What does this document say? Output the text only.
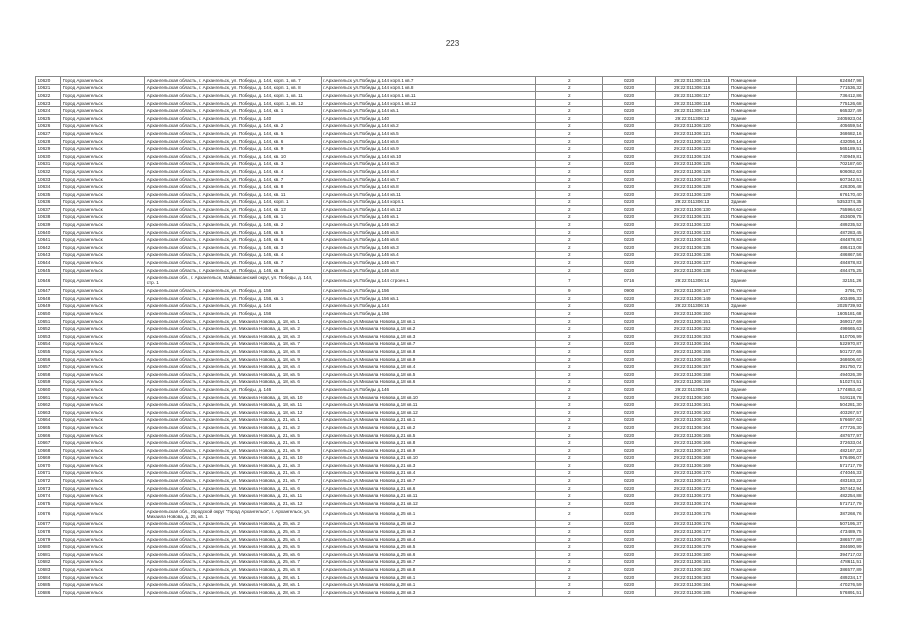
223
10620	Город Архангельск	Архангельская область, г. Архангельск, ул. Победы, д. 144, корп. 1, кв. 7	г.Архангельск ул.Победы д.144 корп.1 кв.7	2	0220	29:22:011306:115	Помещение	624847,98
10621	Город Архангельск	Архангельская область, г. Архангельск, ул. Победы, д. 144, корп. 1, кв. 8	г.Архангельск ул.Победы д.144 корп.1 кв.8	2	0220	29:22:011306:116	Помещение	771536,32
10622	Город Архангельск	Архангельская область, г. Архангельск, ул. Победы, д. 144, корп. 1, кв. 11	г.Архангельск ул.Победы д.144 корп.1 кв.11	2	0220	29:22:011306:117	Помещение	736412,86
10623	Город Архангельск	Архангельская область, г. Архангельск, ул. Победы, д. 144, корп. 1, кв. 12	г.Архангельск ул.Победы д.144 корп.1 кв.12	2	0220	29:22:011306:118	Помещение	775126,68
10624	Город Архангельск	Архангельская область, г. Архангельск, ул. Победы, д. 144, кв. 1	г.Архангельск ул.Победы д.144 кв.1	2	0220	29:22:011306:119	Помещение	665327,49
10625	Город Архангельск	Архангельская область, г. Архангельск, ул. Победы, д. 140	г.Архангельск ул.Победы д.140	2	0220	29:22:011306:12	Здание	2405923,04
10626	Город Архангельск	Архангельская область, г. Архангельск, ул. Победы, д. 144, кв. 2	г.Архангельск ул.Победы д.144 кв.2	2	0220	29:22:011306:120	Помещение	405659,54
10627	Город Архангельск	Архангельская область, г. Архангельск, ул. Победы, д. 144, кв. 5	г.Архангельск ул.Победы д.144 кв.5	2	0220	29:22:011306:121	Помещение	368682,16
10628	Город Архангельск	Архангельская область, г. Архангельск, ул. Победы, д. 144, кв. 6	г.Архангельск ул.Победы д.144 кв.6	2	0220	29:22:011306:122	Помещение	432056,14
10629	Город Архангельск	Архангельская область, г. Архангельск, ул. Победы, д. 144, кв. 9	г.Архангельск ул.Победы д.144 кв.9	2	0220	29:22:011306:123	Помещение	565189,51
10630	Город Архангельск	Архангельская область, г. Архангельск, ул. Победы, д. 144, кв. 10	г.Архангельск ул.Победы д.144 кв.10	2	0220	29:22:011306:124	Помещение	740949,81
10631	Город Архангельск	Архангельская область, г. Архангельск, ул. Победы, д. 144, кв. 3	г.Архангельск ул.Победы д.144 кв.3	2	0220	29:22:011306:125	Помещение	702187,60
10632	Город Архангельск	Архангельская область, г. Архангельск, ул. Победы, д. 144, кв. 4	г.Архангельск ул.Победы д.144 кв.4	2	0220	29:22:011306:126	Помещение	606062,63
10633	Город Архангельск	Архангельская область, г. Архангельск, ул. Победы, д. 144, кв. 7	г.Архангельск ул.Победы д.144 кв.7	2	0220	29:22:011306:127	Помещение	607342,51
10634	Город Архангельск	Архангельская область, г. Архангельск, ул. Победы, д. 144, кв. 8	г.Архангельск ул.Победы д.144 кв.8	2	0220	29:22:011306:128	Помещение	426306,48
10635	Город Архангельск	Архангельская область, г. Архангельск, ул. Победы, д. 144, кв. 11	г.Архангельск ул.Победы д.144 кв.11	2	0220	29:22:011306:129	Помещение	676170,40
10636	Город Архангельск	Архангельская область, г. Архангельск, ул. Победы, д. 144, корп. 1	г.Архангельск ул.Победы д.144 корп.1	2	0220	29:22:011306:13	Здание	5353374,35
10637	Город Архангельск	Архангельская область, г. Архангельск, ул. Победы, д. 144, кв. 12	г.Архангельск ул.Победы д.144 кв.12	2	0220	29:22:011306:130	Помещение	755964,62
10638	Город Архангельск	Архангельская область, г. Архангельск, ул. Победы, д. 146, кв. 1	г.Архангельск ул.Победы д.146 кв.1	2	0220	29:22:011306:131	Помещение	453609,75
10639	Город Архангельск	Архангельская область, г. Архангельск, ул. Победы, д. 146, кв. 2	г.Архангельск ул.Победы д.146 кв.2	2	0220	29:22:011306:132	Помещение	489235,52
10640	Город Архангельск	Архангельская область, г. Архангельск, ул. Победы, д. 146, кв. 5	г.Архангельск ул.Победы д.146 кв.5	2	0220	29:22:011306:133	Помещение	487283,45
10641	Город Архангельск	Архангельская область, г. Архангельск, ул. Победы, д. 146, кв. 6	г.Архангельск ул.Победы д.146 кв.6	2	0220	29:22:011306:134	Помещение	484878,83
10642	Город Архангельск	Архангельская область, г. Архангельск, ул. Победы, д. 146, кв. 3	г.Архангельск ул.Победы д.146 кв.3	2	0220	29:22:011306:135	Помещение	486413,08
10643	Город Архангельск	Архангельская область, г. Архангельск, ул. Победы, д. 146, кв. 4	г.Архангельск ул.Победы д.146 кв.4	2	0220	29:22:011306:136	Помещение	486867,56
10644	Город Архангельск	Архангельская область, г. Архангельск, ул. Победы, д. 146, кв. 7	г.Архангельск ул.Победы д.146 кв.7	2	0220	29:22:011306:137	Помещение	484878,83
10645	Город Архангельск	Архангельская область, г. Архангельск, ул. Победы, д. 146, кв. 8	г.Архангельск ул.Победы д.146 кв.8	2	0220	29:22:011306:138	Помещение	484475,25
10646	Город Архангельск	Архангельская обл., г. Архангельск, Маймаксанский округ, ул. Победы, д. 144, стр. 1	г.Архангельск ул.Победы д.144 строен.1	7	0716	29:22:011306:14	Здание	32151,26
10647	Город Архангельск	Архангельская область, г. Архангельск, ул. Победы, д. 156	г.Архангельск ул.Победы д.156	9	0900	29:22:011306:147	Помещение	3791,70
10648	Город Архангельск	Архангельская область, г. Архангельск, ул. Победы, д. 156, кв. 1	г.Архангельск ул.Победы д.156 кв.1	2	0220	29:22:011306:149	Помещение	403495,33
10649	Город Архангельск	Архангельская область, г. Архангельск, ул. Победы, д. 144	г.Архангельск ул.Победы д.144	2	0220	29:22:011306:15	Здание	2025739,93
10650	Город Архангельск	Архангельская область, г. Архангельск, ул. Победы, д. 156	г.Архангельск ул.Победы д.156	2	0220	29:22:011306:150	Помещение	1605181,68
10651	Город Архангельск	Архангельская область, г. Архангельск, ул. Михаила Новова, д. 18, кв. 1	г.Архангельск ул.Михаила Новова д.18 кв.1	2	0220	29:22:011306:151	Помещение	369017,69
10652	Город Архангельск	Архангельская область, г. Архангельск, ул. Михаила Новова, д. 18, кв. 2	г.Архангельск ул.Михаила Новова д.18 кв.2	2	0220	29:22:011306:152	Помещение	498665,63
10653	Город Архангельск	Архангельская область, г. Архангельск, ул. Михаила Новова, д. 18, кв. 3	г.Архангельск ул.Михаила Новова д.18 кв.3	2	0220	29:22:011306:153	Помещение	510706,99
10654	Город Архангельск	Архангельская область, г. Архангельск, ул. Михаила Новова, д. 18, кв. 7	г.Архангельск ул.Михаила Новова д.18 кв.7	2	0220	29:22:011306:154	Помещение	522970,87
10655	Город Архангельск	Архангельская область, г. Архангельск, ул. Михаила Новова, д. 18, кв. 8	г.Архангельск ул.Михаила Новова д.18 кв.8	2	0220	29:22:011306:155	Помещение	501727,65
10656	Город Архангельск	Архангельская область, г. Архангельск, ул. Михаила Новова, д. 18, кв. 9	г.Архангельск ул.Михаила Новова д.18 кв.9	2	0220	29:22:011306:156	Помещение	368606,60
10657	Город Архангельск	Архангельская область, г. Архангельск, ул. Михаила Новова, д. 18, кв. 4	г.Архангельск ул.Михаила Новова д.18 кв.4	2	0220	29:22:011306:157	Помещение	391750,72
10658	Город Архангельск	Архангельская область, г. Архангельск, ул. Михаила Новова, д. 18, кв. 5	г.Архангельск ул.Михаила Новова д.18 кв.5	2	0220	29:22:011306:158	Помещение	494026,39
10659	Город Архангельск	Архангельская область, г. Архангельск, ул. Михаила Новова, д. 18, кв. 6	г.Архангельск ул.Михаила Новова д.18 кв.6	2	0220	29:22:011306:159	Помещение	510274,51
10660	Город Архангельск	Архангельская область, г. Архангельск, ул. Победы, д. 146	г.Архангельск ул.Победы д.146	2	0220	29:22:011306:16	Здание	1774853,42
10661	Город Архангельск	Архангельская область, г. Архангельск, ул. Михаила Новова, д. 18, кв. 10	г.Архангельск ул.Михаила Новова д.18 кв.10	2	0220	29:22:011306:160	Помещение	519118,78
10662	Город Архангельск	Архангельская область, г. Архангельск, ул. Михаила Новова, д. 18, кв. 11	г.Архангельск ул.Михаила Новова д.18 кв.11	2	0220	29:22:011306:161	Помещение	504281,30
10663	Город Архангельск	Архангельская область, г. Архангельск, ул. Михаила Новова, д. 18, кв. 12	г.Архангельск ул.Михаила Новова д.18 кв.12	2	0220	29:22:011306:162	Помещение	403267,57
10664	Город Архангельск	Архангельская область, г. Архангельск, ул. Михаила Новова, д. 21, кв. 1	г.Архангельск ул.Михаила Новова д.21 кв.1	2	0220	29:22:011306:163	Помещение	576697,63
10665	Город Архангельск	Архангельская область, г. Архангельск, ул. Михаила Новова, д. 21, кв. 2	г.Архангельск ул.Михаила Новова д.21 кв.2	2	0220	29:22:011306:164	Помещение	477726,30
10666	Город Архангельск	Архангельская область, г. Архангельск, ул. Михаила Новова, д. 21, кв. 5	г.Архангельск ул.Михаила Новова д.21 кв.5	2	0220	29:22:011306:165	Помещение	487677,97
10667	Город Архангельск	Архангельская область, г. Архангельск, ул. Михаила Новова, д. 21, кв. 8	г.Архангельск ул.Михаила Новова д.21 кв.8	2	0220	29:22:011306:166	Помещение	372633,04
10668	Город Архангельск	Архангельская область, г. Архангельск, ул. Михаила Новова, д. 21, кв. 9	г.Архангельск ул.Михаила Новова д.21 кв.9	2	0220	29:22:011306:167	Помещение	482167,22
10669	Город Архангельск	Архангельская область, г. Архангельск, ул. Михаила Новова, д. 21, кв. 10	г.Архангельск ул.Михаила Новова д.21 кв.10	2	0220	29:22:011306:168	Помещение	576496,07
10670	Город Архангельск	Архангельская область, г. Архангельск, ул. Михаила Новова, д. 21, кв. 3	г.Архангельск ул.Михаила Новова д.21 кв.3	2	0220	29:22:011306:169	Помещение	571717,79
10671	Город Архангельск	Архангельская область, г. Архангельск, ул. Михаила Новова, д. 21, кв. 4	г.Архангельск ул.Михаила Новова д.21 кв.4	2	0220	29:22:011306:170	Помещение	474046,33
10672	Город Архангельск	Архангельская область, г. Архангельск, ул. Михаила Новова, д. 21, кв. 7	г.Архангельск ул.Михаила Новова д.21 кв.7	2	0220	29:22:011306:171	Помещение	483183,22
10673	Город Архангельск	Архангельская область, г. Архангельск, ул. Михаила Новова, д. 21, кв. 6	г.Архангельск ул.Михаила Новова д.21 кв.6	2	0220	29:22:011306:172	Помещение	367442,94
10674	Город Архангельск	Архангельская область, г. Архангельск, ул. Михаила Новова, д. 21, кв. 11	г.Архангельск ул.Михаила Новова д.21 кв.11	2	0220	29:22:011306:173	Помещение	482254,88
10675	Город Архангельск	Архангельская область, г. Архангельск, ул. Михаила Новова, д. 21, кв. 12	г.Архангельск ул.Михаила Новова д.21 кв.12	2	0220	29:22:011306:174	Помещение	571717,79
10676	Город Архангельск	Архангельская обл., городской округ "Город Архангельск", г. Архангельск, ул. Михаила Новова, д. 25, кв. 1	г.Архангельск ул.Михаила Новова д.25 кв.1	2	0220	29:22:011306:175	Помещение	387268,76
10677	Город Архангельск	Архангельская область, г. Архангельск, ул. Михаила Новова, д. 25, кв. 2	г.Архангельск ул.Михаила Новова д.25 кв.2	2	0220	29:22:011306:176	Помещение	507195,37
10678	Город Архангельск	Архангельская область, г. Архангельск, ул. Михаила Новова, д. 25, кв. 3	г.Архангельск ул.Михаила Новова д.25 кв.3	2	0220	29:22:011306:177	Помещение	473489,75
10679	Город Архангельск	Архангельская область, г. Архангельск, ул. Михаила Новова, д. 25, кв. 4	г.Архангельск ул.Михаила Новова д.25 кв.4	2	0220	29:22:011306:178	Помещение	386577,89
10680	Город Архангельск	Архангельская область, г. Архангельск, ул. Михаила Новова, д. 25, кв. 5	г.Архангельск ул.Михаила Новова д.25 кв.5	2	0220	29:22:011306:179	Помещение	384690,99
10681	Город Архангельск	Архангельская область, г. Архангельск, ул. Михаила Новова, д. 25, кв. 6	г.Архангельск ул.Михаила Новова д.25 кв.6	2	0220	29:22:011306:180	Помещение	394717,02
10682	Город Архангельск	Архангельская область, г. Архангельск, ул. Михаила Новова, д. 25, кв. 7	г.Архангельск ул.Михаила Новова д.25 кв.7	2	0220	29:22:011306:181	Помещение	478611,51
10683	Город Архангельск	Архангельская область, г. Архангельск, ул. Михаила Новова, д. 25, кв. 8	г.Архангельск ул.Михаила Новова д.25 кв.8	2	0220	29:22:011306:182	Помещение	386577,89
10684	Город Архангельск	Архангельская область, г. Архангельск, ул. Михаила Новова, д. 28, кв. 1	г.Архангельск ул.Михаила Новова д.28 кв.1	2	0220	29:22:011306:183	Помещение	489234,17
10685	Город Архангельск	Архангельская область, г. Архангельск, ул. Михаила Новова, д. 28, кв. 1	г.Архангельск ул.Михаила Новова д.28 кв.1	2	0220	29:22:011306:184	Помещение	470276,59
10686	Город Архангельск	Архангельская область, г. Архангельск, ул. Михаила Новова, д. 28, кв. 3	г.Архангельск ул.Михаила Новова д.28 кв.3	2	0220	29:22:011306:185	Помещение	576891,51
